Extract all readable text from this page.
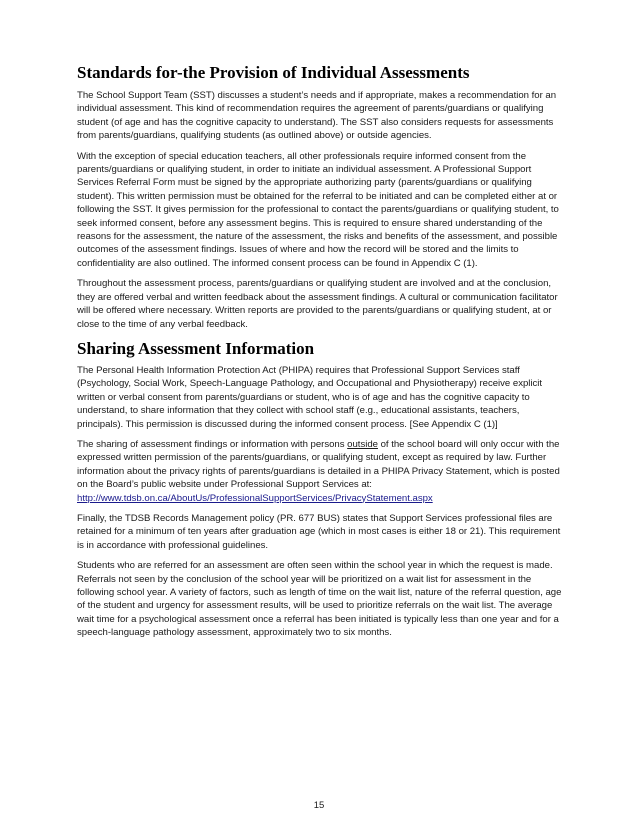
Standards for-the Provision of Individual Assessments

The School Support Team (SST) discusses a student’s needs and if appropriate, makes a recommendation for an individual assessment. This kind of recommendation requires the agreement of parents/guardians or qualifying student (of age and has the cognitive capacity to understand). The SST also considers requests for assessments from parents/guardians, qualifying students (as outlined above) or outside agencies.

With the exception of special education teachers, all other professionals require informed consent from the parents/guardians or qualifying student, in order to initiate an individual assessment. A Professional Support Services Referral Form must be signed by the appropriate authorizing party (parents/guardians or qualifying student). This written permission must be obtained for the referral to be initiated and can be completed either at or following the SST. It gives permission for the professional to contact the parents/guardians or qualifying student, to seek informed consent, before any assessment begins. This is required to ensure shared understanding of the reasons for the assessment, the nature of the assessment, the risks and benefits of the assessment, and possible outcomes of the assessment findings. Issues of where and how the record will be stored and the limits to confidentiality are also outlined. The informed consent process can be found in Appendix C (1).

Throughout the assessment process, parents/guardians or qualifying student are involved and at the conclusion, they are offered verbal and written feedback about the assessment findings. A cultural or communication facilitator will be offered where necessary. Written reports are provided to the parents/guardians or qualifying student, at or close to the time of any verbal feedback.

Sharing Assessment Information

The Personal Health Information Protection Act (PHIPA) requires that Professional Support Services staff (Psychology, Social Work, Speech-Language Pathology, and Occupational and Physiotherapy) receive explicit written or verbal consent from parents/guardians or student, who is of age and has the cognitive capacity to understand, to share information that they collect with school staff (e.g., educational assistants, teachers, principals). This permission is discussed during the informed consent process. [See Appendix C (1)]

The sharing of assessment findings or information with persons outside of the school board will only occur with the expressed written permission of the parents/guardians, or qualifying student, except as required by law. Further information about the privacy rights of parents/guardians is detailed in a PHIPA Privacy Statement, which is posted on the Board’s public website under Professional Support Services at: http://www.tdsb.on.ca/AboutUs/ProfessionalSupportServices/PrivacyStatement.aspx

Finally, the TDSB Records Management policy (PR. 677 BUS) states that Support Services professional files are retained for a minimum of ten years after graduation age (which in most cases is either 18 or 21). This requirement is in accordance with professional guidelines.

Students who are referred for an assessment are often seen within the school year in which the request is made. Referrals not seen by the conclusion of the school year will be prioritized on a wait list for assessment in the following school year. A variety of factors, such as length of time on the wait list, nature of the referral question, age of the student and urgency for assessment results, will be used to prioritize referrals on the wait list. The average wait time for a psychological assessment once a referral has been initiated is typically less than one year and for a speech-language pathology assessment, approximately two to six months.

15
